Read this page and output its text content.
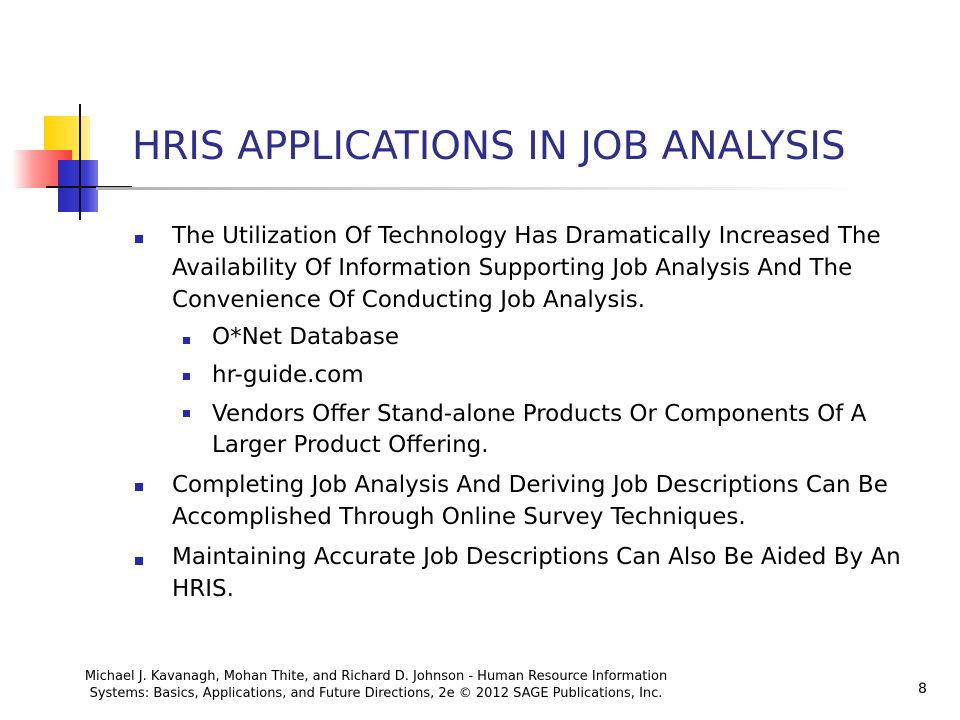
HRIS APPLICATIONS IN JOB ANALYSIS
The Utilization Of Technology Has Dramatically Increased The
Availability Of Information Supporting Job Analysis And The
Convenience Of Conducting Job Analysis.
O*Net Database
hr-guide.com
Vendors Offer Stand-alone Products Or Components Of A
Larger Product Offering.
Completing Job Analysis And Deriving Job Descriptions Can Be
Accomplished Through Online Survey Techniques.
Maintaining Accurate Job Descriptions Can Also Be Aided By An
HRIS.
Michael J. Kavanagh, Mohan Thite, and Richard D. Johnson - Human Resource Information
Systems: Basics, Applications, and Future Directions, 2e © 2012 SAGE Publications, Inc.	8
